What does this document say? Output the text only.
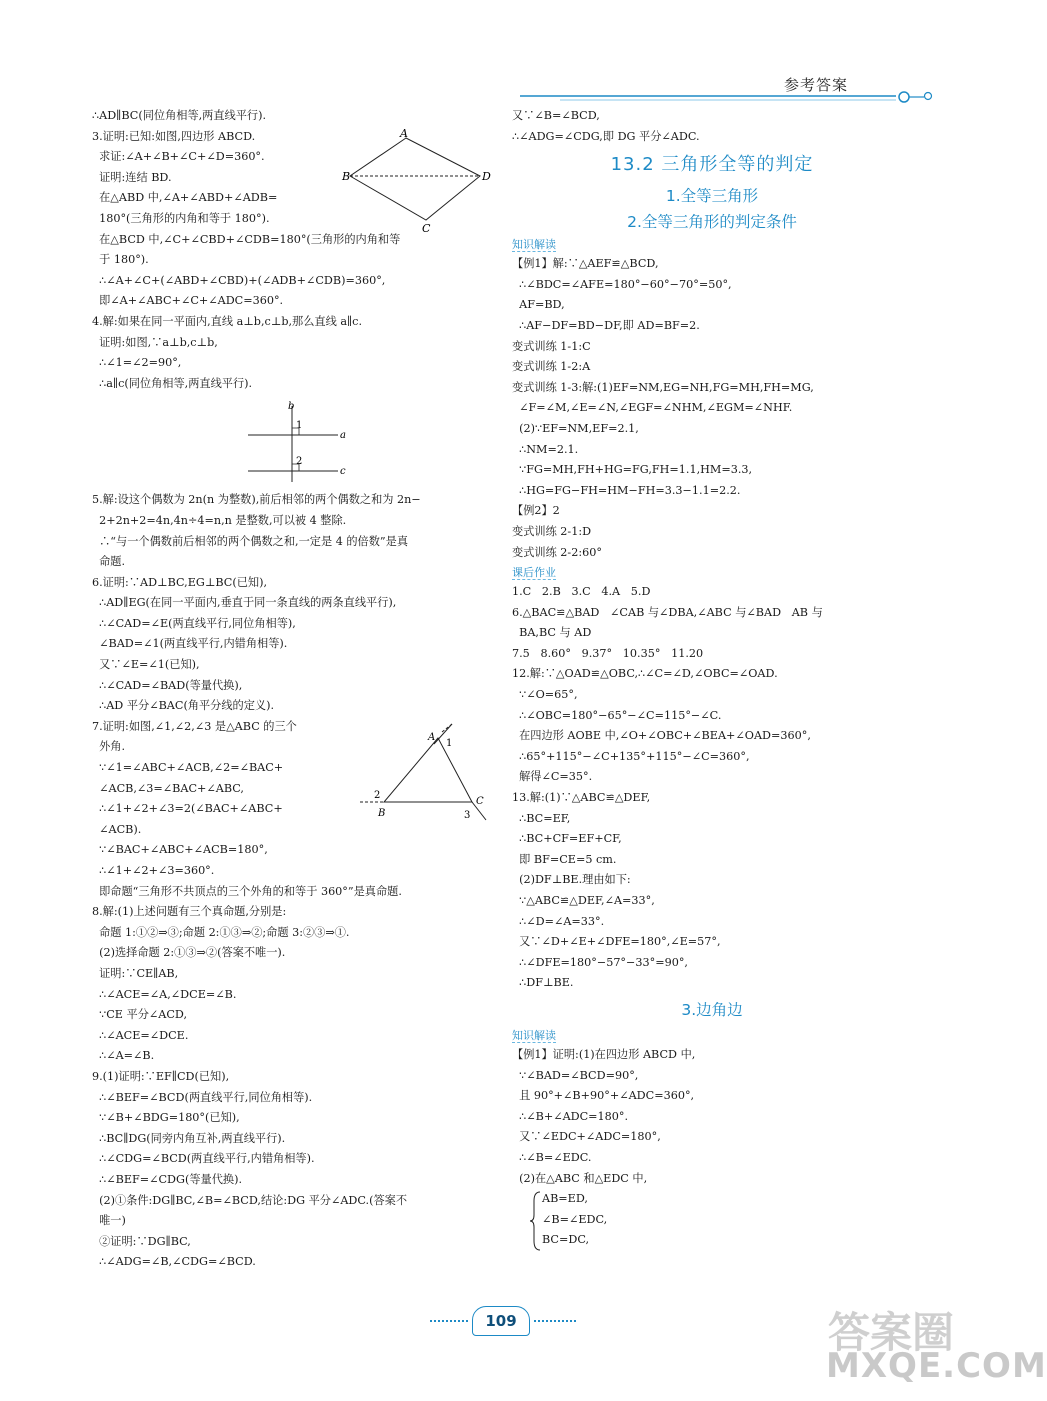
参考答案
∴AD∥BC(同位角相等,两直线平行).
3.证明:已知:如图,四边形 ABCD.
求证:∠A+∠B+∠C+∠D=360°.
证明:连结 BD.
在△ABD 中,∠A+∠ABD+∠ADB=
180°(三角形的内角和等于 180°).
在△BCD 中,∠C+∠CBD+∠CDB=180°(三角形的内角和等
于 180°).
∴∠A+∠C+(∠ABD+∠CBD)+(∠ADB+∠CDB)=360°,
即∠A+∠ABC+∠C+∠ADC=360°.
4.解:如果在同一平面内,直线 a⊥b,c⊥b,那么直线 a∥c.
证明:如图,∵a⊥b,c⊥b,
∴∠1=∠2=90°,
∴a∥c(同位角相等,两直线平行).
5.解:设这个偶数为 2n(n 为整数),前后相邻的两个偶数之和为 2n−
2+2n+2=4n,4n÷4=n,n 是整数,可以被 4 整除.
∴“与一个偶数前后相邻的两个偶数之和,一定是 4 的倍数”是真
命题.
6.证明:∵AD⊥BC,EG⊥BC(已知),
∴AD∥EG(在同一平面内,垂直于同一条直线的两条直线平行),
∴∠CAD=∠E(两直线平行,同位角相等),
∠BAD=∠1(两直线平行,内错角相等).
又∵∠E=∠1(已知),
∴∠CAD=∠BAD(等量代换),
∴AD 平分∠BAC(角平分线的定义).
7.证明:如图,∠1,∠2,∠3 是△ABC 的三个
外角.
∵∠1=∠ABC+∠ACB,∠2=∠BAC+
∠ACB,∠3=∠BAC+∠ABC,
∴∠1+∠2+∠3=2(∠BAC+∠ABC+
∠ACB).
∵∠BAC+∠ABC+∠ACB=180°,
∴∠1+∠2+∠3=360°.
即命题“三角形不共顶点的三个外角的和等于 360°”是真命题.
8.解:(1)上述问题有三个真命题,分别是:
命题 1:①②⇒③;命题 2:①③⇒②;命题 3:②③⇒①.
(2)选择命题 2:①③⇒②(答案不唯一).
证明:∵CE∥AB,
∴∠ACE=∠A,∠DCE=∠B.
∵CE 平分∠ACD,
∴∠ACE=∠DCE.
∴∠A=∠B.
9.(1)证明:∵EF∥CD(已知),
∴∠BEF=∠BCD(两直线平行,同位角相等).
∵∠B+∠BDG=180°(已知),
∴BC∥DG(同旁内角互补,两直线平行).
∴∠CDG=∠BCD(两直线平行,内错角相等).
∴∠BEF=∠CDG(等量代换).
(2)①条件:DG∥BC,∠B=∠BCD,结论:DG 平分∠ADC.(答案不
唯一)
②证明:∵DG∥BC,
∴∠ADG=∠B,∠CDG=∠BCD.
A
B
C
D
b
a
c
1
2
A
B
C
1
2
3
又∵∠B=∠BCD,
∴∠ADG=∠CDG,即 DG 平分∠ADC.
13.2 三角形全等的判定
1.全等三角形
2.全等三角形的判定条件
知识解读
【例1】解:∵△AEF≌△BCD,
∴∠BDC=∠AFE=180°−60°−70°=50°,
AF=BD,
∴AF−DF=BD−DF,即 AD=BF=2.
变式训练 1-1:C
变式训练 1-2:A
变式训练 1-3:解:(1)EF=NM,EG=NH,FG=MH,FH=MG,
∠F=∠M,∠E=∠N,∠EGF=∠NHM,∠EGM=∠NHF.
(2)∵EF=NM,EF=2.1,
∴NM=2.1.
∵FG=MH,FH+HG=FG,FH=1.1,HM=3.3,
∴HG=FG−FH=HM−FH=3.3−1.1=2.2.
【例2】2
变式训练 2-1:D
变式训练 2-2:60°
课后作业
1.C   2.B   3.C   4.A   5.D
6.△BAC≌△BAD   ∠CAB 与∠DBA,∠ABC 与∠BAD   AB 与
BA,BC 与 AD
7.5   8.60°   9.37°   10.35°   11.20
12.解:∵△OAD≌△OBC,∴∠C=∠D,∠OBC=∠OAD.
∵∠O=65°,
∴∠OBC=180°−65°−∠C=115°−∠C.
在四边形 AOBE 中,∠O+∠OBC+∠BEA+∠OAD=360°,
∴65°+115°−∠C+135°+115°−∠C=360°,
解得∠C=35°.
13.解:(1)∵△ABC≌△DEF,
∴BC=EF,
∴BC+CF=EF+CF,
即 BF=CE=5 cm.
(2)DF⊥BE.理由如下:
∵△ABC≌△DEF,∠A=33°,
∴∠D=∠A=33°.
又∵∠D+∠E+∠DFE=180°,∠E=57°,
∴∠DFE=180°−57°−33°=90°,
∴DF⊥BE.
3.边角边
知识解读
【例1】证明:(1)在四边形 ABCD 中,
∵∠BAD=∠BCD=90°,
且 90°+∠B+90°+∠ADC=360°,
∴∠B+∠ADC=180°.
又∵∠EDC+∠ADC=180°,
∴∠B=∠EDC.
(2)在△ABC 和△EDC 中,
AB=ED,
∠B=∠EDC,
BC=DC,
109	答案圈
MXQE.COM
